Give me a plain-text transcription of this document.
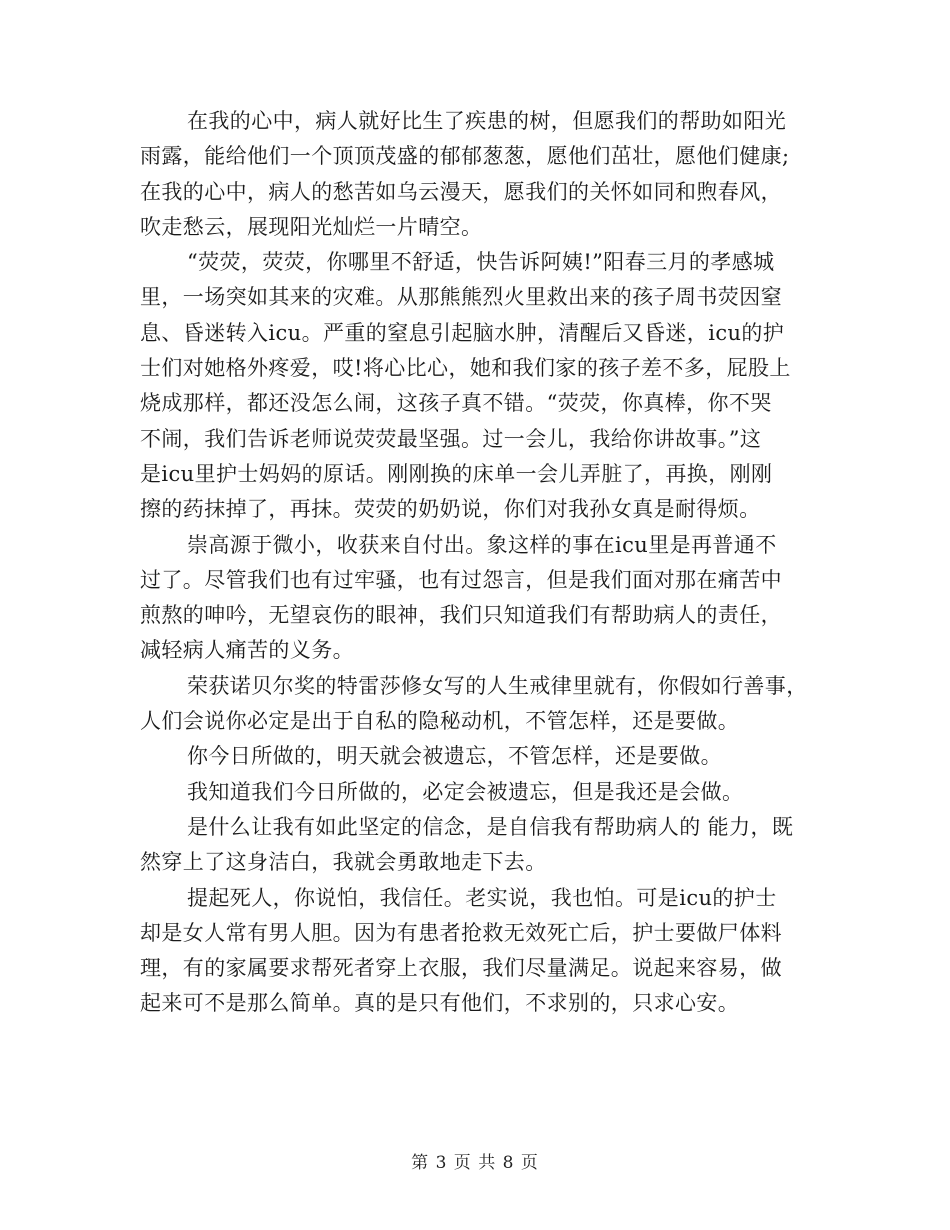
在我的心中，病人就好比生了疾患的树，但愿我们的帮助如阳光
雨露，能给他们一个顶顶茂盛的郁郁葱葱，愿他们茁壮，愿他们健康;
在我的心中，病人的愁苦如乌云漫天，愿我们的关怀如同和煦春风，
吹走愁云，展现阳光灿烂一片晴空。
“荧荧，荧荧，你哪里不舒适，快告诉阿姨!”阳春三月的孝感城
里，一场突如其来的灾难。从那熊熊烈火里救出来的孩子周书荧因窒
息、昏迷转入icu。严重的窒息引起脑水肿，清醒后又昏迷，icu的护
士们对她格外疼爱，哎!将心比心，她和我们家的孩子差不多，屁股上
烧成那样，都还没怎么闹，这孩子真不错。“荧荧，你真棒，你不哭
不闹，我们告诉老师说荧荧最坚强。过一会儿，我给你讲故事。”这
是icu里护士妈妈的原话。刚刚换的床单一会儿弄脏了，再换，刚刚
擦的药抹掉了，再抹。荧荧的奶奶说，你们对我孙女真是耐得烦。
崇高源于微小，收获来自付出。象这样的事在icu里是再普通不
过了。尽管我们也有过牢骚，也有过怨言，但是我们面对那在痛苦中
煎熬的呻吟，无望哀伤的眼神，我们只知道我们有帮助病人的责任，
减轻病人痛苦的义务。
荣获诺贝尔奖的特雷莎修女写的人生戒律里就有，你假如行善事，
人们会说你必定是出于自私的隐秘动机，不管怎样，还是要做。
你今日所做的，明天就会被遗忘，不管怎样，还是要做。
我知道我们今日所做的，必定会被遗忘，但是我还是会做。
是什么让我有如此坚定的信念，是自信我有帮助病人的 能力，既
然穿上了这身洁白，我就会勇敢地走下去。
提起死人，你说怕，我信任。老实说，我也怕。可是icu的护士
却是女人常有男人胆。因为有患者抢救无效死亡后，护士要做尸体料
理，有的家属要求帮死者穿上衣服，我们尽量满足。说起来容易，做
起来可不是那么简单。真的是只有他们，不求别的，只求心安。
第 3 页 共 8 页
